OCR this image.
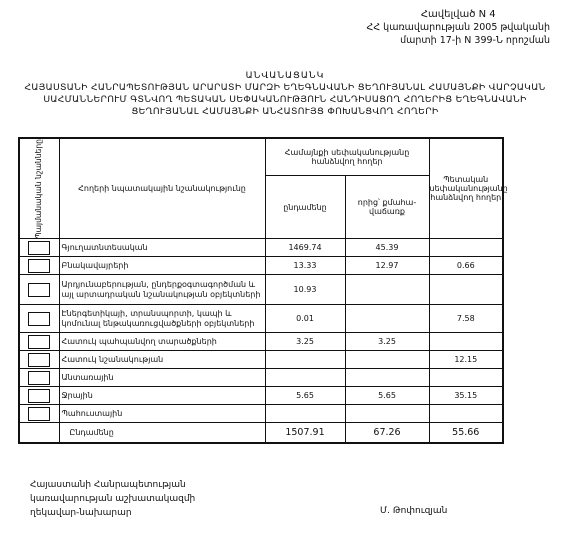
Հավելված N 4
ՀՀ կառավարության 2005 թվականի
մարտի 17-ի N 399-Ն որոշման
ԱՆՎԱՆԱՑԱՆԿ
ՀԱՅԱՍՏԱՆԻ ՀԱՆՐԱՊԵՏՈՒԹՅԱՆ ԱՐԱՐԱՏԻ ՄԱՐԶԻ ԵՂԵԳՆԱՎԱՆԻ ՑԵՂՈՒՅԱՆԱԼ ՀԱՄԱՅՆՔԻ ՎԱՐՉԱԿԱՆ
ՍԱՀՄԱՆՆԵՐՈՒՄ ԳՏՆՎՈՂ ՊԵՏԱԿԱՆ ՍԵՓԱԿԱՆՈՒԹՅՈՒՆ ՀԱՆԴԻՍԱՑՈՂ ՀՈՂԵՐԻՑ ԵՂԵԳՆԱՎԱՆԻ
ՑԵՂՈՒՅԱՆԱԼ ՀԱՄԱՅՆՔԻ ԱՆՀԱՏՈՒՅՑ ՓՈԽԱՆՑՎՈՂ ՀՈՂԵՐԻ
Պայմանական նշանները	Հողերի նպատակային նշանակությունը	Համայնքի սեփականությանը հանձնվող հողեր		Պետական սեփականությանը հանձնվող հողեր
		ընդամենը	որից՝ քմահա-վաճառք	

	Գյուղատնտեսական	1469.74	45.39	

	Բնակավայրերի	13.33	12.97	0.66

	Արդյունաբերության, ընդերքօգտագործման և այլ արտադրական նշանակության օբյեկտների	10.93		

	Էներգետիկայի, տրանսպորտի, կապի և կոմունալ ենթակառուցվածքների օբյեկտների	0.01		7.58

	Հատուկ պահպանվող տարածքների	3.25	3.25	

	Հատուկ նշանակության			12.15

	Անտառային			

	Ջրային	5.65	5.65	35.15

	Պահուստային			
	Ընդամենը	1507.91	67.26	55.66
Հայաստանի Հանրապետության
կառավարության աշխատակազմի
ղեկավար-նախարար	Մ. Թոփուզյան
